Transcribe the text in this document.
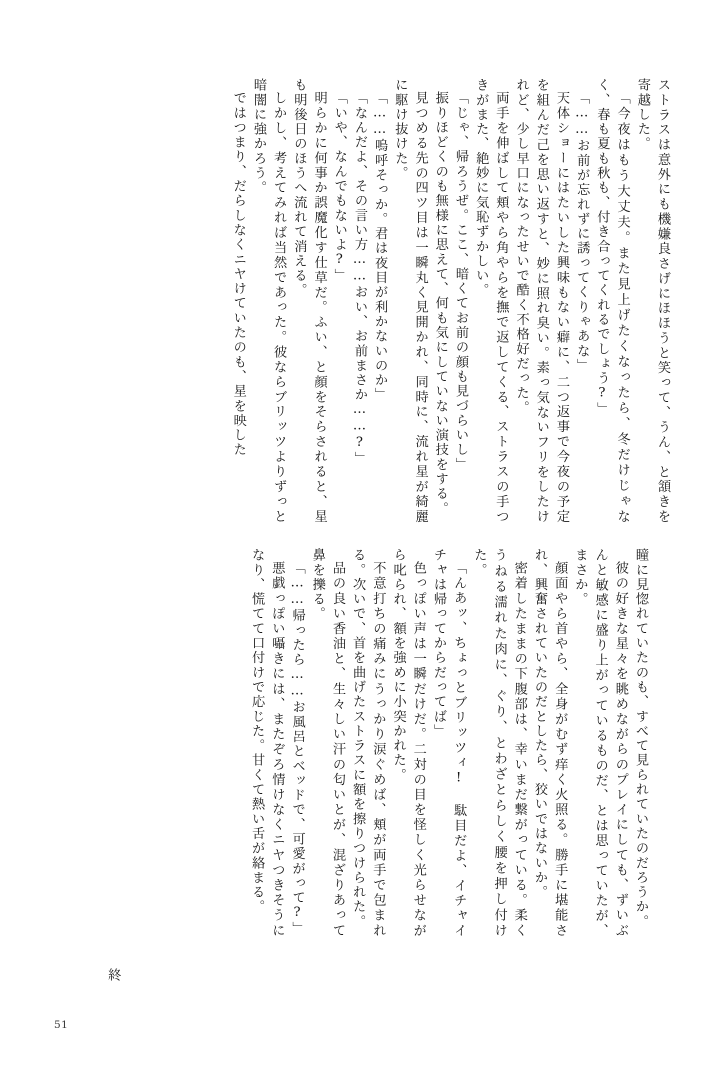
ストラスは意外にも機嫌良さげにほほうと笑って、うん、と頷きを寄越した。

「今夜はもう大丈夫。また見上げたくなったら、冬だけじゃなく、春も夏も秋も、付き合ってくれるでしょう?」

「……お前が忘れずに誘ってくりゃあな」

天体ショーにはたいした興味もない癖に、二つ返事で今夜の予定を組んだ己を思い返すと、妙に照れ臭い。素っ気ないフリをしたけれど、少し早口になったせいで酷く不格好だった。

両手を伸ばして頬やら角やらを撫で返してくる、ストラスの手つきがまた、絶妙に気恥ずかしい。

「じゃ、帰ろうぜ。ここ、暗くてお前の顔も見づらいし」

振りほどくのも無様に思えて、何も気にしていない演技をする。

見つめる先の四ツ目は一瞬丸く見開かれ、同時に、流れ星が綺麗に駆け抜けた。

「……嗚呼そっか。君は夜目が利かないのか」

「なんだよ、その言い方……おい、お前まさか……?」

「いや、なんでもないよ?」

明らかに何事か誤魔化す仕草だ。ふい、と顔をそらされると、星も明後日のほうへ流れて消える。

しかし、考えてみれば当然であった。彼ならブリッツよりずっと暗闇に強かろう。

ではつまり、だらしなくニヤけていたのも、星を映した

瞳に見惚れていたのも、すべて見られていたのだろうか。

彼の好きな星々を眺めながらのプレイにしても、ずいぶんと敏感に盛り上がっているものだ、とは思っていたが、まさか。

顔面やら首やら、全身がむず痒く火照る。勝手に堪能され、興奮されていたのだとしたら、狡いではないか。

密着したままの下腹部は、幸いまだ繋がっている。柔くうねる濡れた肉に、ぐり、とわざとらしく腰を押し付けた。

「んあッ、ちょっとブリッツィ! 駄目だよ、イチャイチャは帰ってからだってば」

色っぽい声は一瞬だけだ。二対の目を怪しく光らせながら叱られ、額を強めに小突かれた。

不意打ちの痛みにうっかり涙ぐめば、頬が両手で包まれる。次いで、首を曲げたストラスに額を擦りつけられた。

品の良い香油と、生々しい汗の匂いとが、混ざりあって鼻を擽る。

「……帰ったら……お風呂とベッドで、可愛がって?」

悪戯っぽい囁きには、またぞろ情けなくニヤつきそうになり、慌てて口付けで応じた。甘くて熱い舌が絡まる。

終
51
